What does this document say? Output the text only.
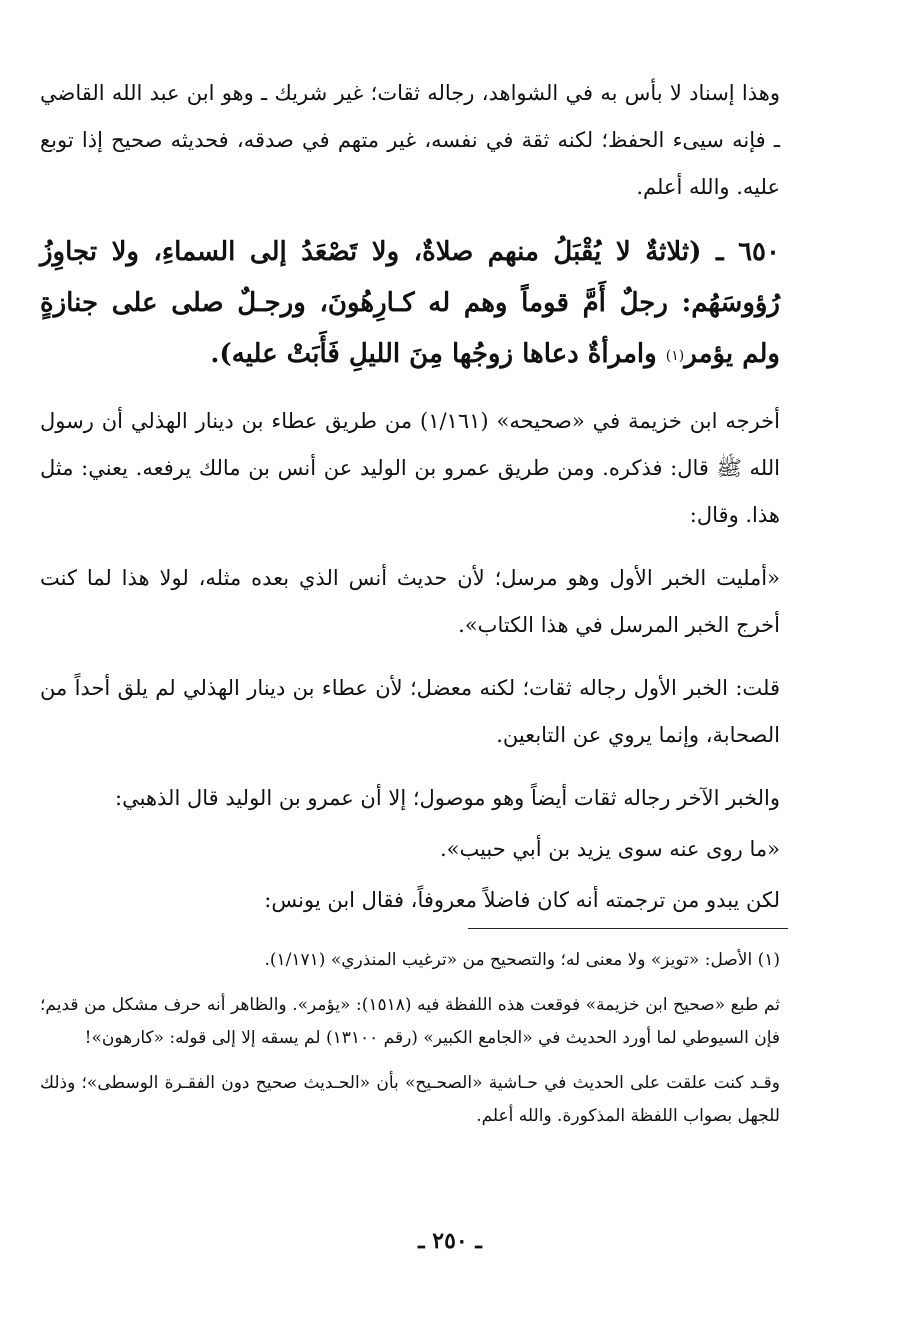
وهذا إسناد لا بأس به في الشواهد، رجاله ثقات؛ غير شريك ـ وهو ابن عبد الله القاضي ـ فإنه سيىء الحفظ؛ لكنه ثقة في نفسه، غير متهم في صدقه، فحديثه صحيح إذا توبع عليه. والله أعلم.

٦٥٠ ـ (ثلاثةٌ لا يُقْبَلُ منهم صلاةٌ، ولا تَصْعَدُ إلى السماءِ، ولا تجاوِزُ رُؤوسَهُم: رجلٌ أَمَّ قوماً وهم له كـارِهُونَ، ورجـلٌ صلى على جنازةٍ ولم يؤمر(١) وامرأةٌ دعاها زوجُها مِنَ الليلِ فَأَبَتْ عليه).

أخرجه ابن خزيمة في «صحيحه» (١/١٦١) من طريق عطاء بن دينار الهذلي أن رسول الله ﷺ قال: فذكره. ومن طريق عمرو بن الوليد عن أنس بن مالك يرفعه. يعني: مثل هذا. وقال:

«أمليت الخبر الأول وهو مرسل؛ لأن حديث أنس الذي بعده مثله، لولا هذا لما كنت أخرج الخبر المرسل في هذا الكتاب».

قلت: الخبر الأول رجاله ثقات؛ لكنه معضل؛ لأن عطاء بن دينار الهذلي لم يلق أحداً من الصحابة، وإنما يروي عن التابعين.

والخبر الآخر رجاله ثقات أيضاً وهو موصول؛ إلا أن عمرو بن الوليد قال الذهبي:

«ما روى عنه سوى يزيد بن أبي حبيب».

لكن يبدو من ترجمته أنه كان فاضلاً معروفاً، فقال ابن يونس:

(١) الأصل: «تويز» ولا معنى له؛ والتصحيح من «ترغيب المنذري» (١/١٧١).

ثم طبع «صحيح ابن خزيمة» فوقعت هذه اللفظة فيه (١٥١٨): «يؤمر». والظاهر أنه حرف مشكل من قديم؛ فإن السيوطي لما أورد الحديث في «الجامع الكبير» (رقم ١٣١٠٠) لم يسقه إلا إلى قوله: «كارهون»!

وقـد كنت علقت على الحديث في حـاشية «الصحـيح» بأن «الحـديث صحيح دون الفقـرة الوسطى»؛ وذلك للجهل بصواب اللفظة المذكورة. والله أعلم.

ـ ٢٥٠ ـ
